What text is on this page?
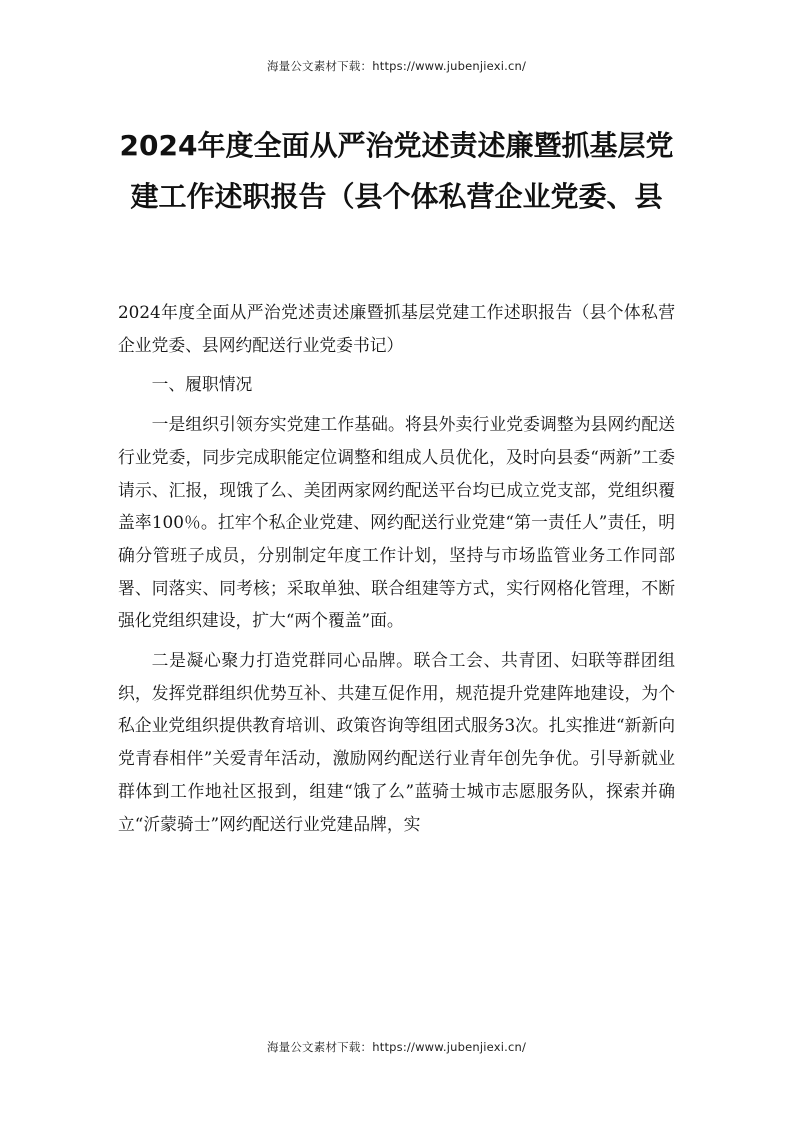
海量公文素材下载：https://www.jubenjiexi.cn/
2024年度全面从严治党述责述廉暨抓基层党建工作述职报告（县个体私营企业党委、县

2024年度全面从严治党述责述廉暨抓基层党建工作述职报告（县个体私营企业党委、县网约配送行业党委书记）

一、履职情况

一是组织引领夯实党建工作基础。将县外卖行业党委调整为县网约配送行业党委，同步完成职能定位调整和组成人员优化，及时向县委“两新”工委请示、汇报，现饿了么、美团两家网约配送平台均已成立党支部，党组织覆盖率100％。扛牢个私企业党建、网约配送行业党建“第一责任人”责任，明确分管班子成员，分别制定年度工作计划，坚持与市场监管业务工作同部署、同落实、同考核；采取单独、联合组建等方式，实行网格化管理，不断强化党组织建设，扩大“两个覆盖”面。

二是凝心聚力打造党群同心品牌。联合工会、共青团、妇联等群团组织，发挥党群组织优势互补、共建互促作用，规范提升党建阵地建设，为个私企业党组织提供教育培训、政策咨询等组团式服务3次。扎实推进“新新向党青春相伴”关爱青年活动，激励网约配送行业青年创先争优。引导新就业群体到工作地社区报到，组建“饿了么”蓝骑士城市志愿服务队，探索并确立“沂蒙骑士”网约配送行业党建品牌，实

海量公文素材下载：https://www.jubenjiexi.cn/
